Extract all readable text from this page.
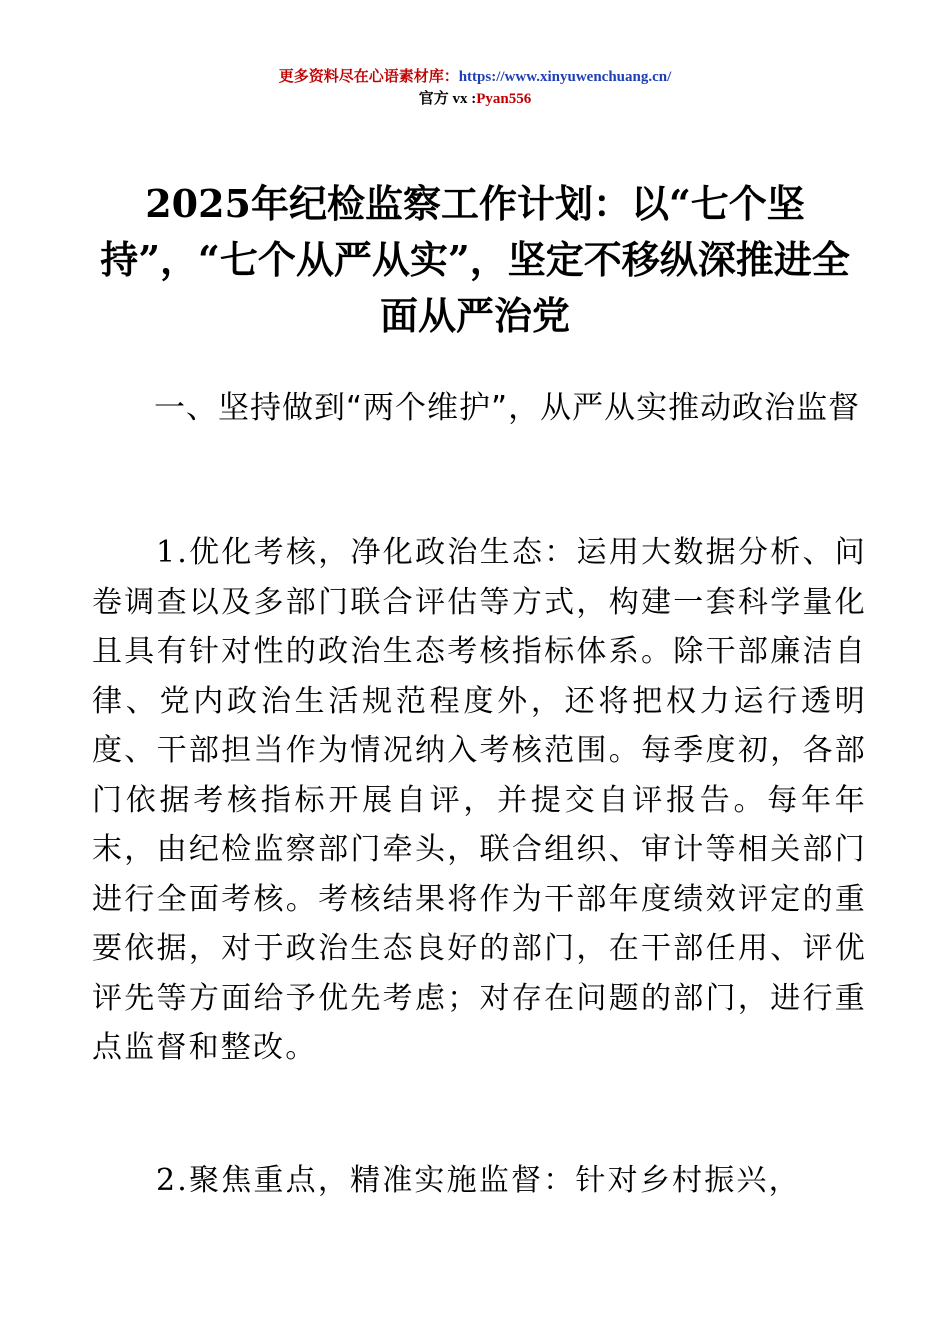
更多资料尽在心语素材库：https://www.xinyuwenchuang.cn/
官方 vx :Pyan556
2025年纪检监察工作计划：以“七个坚持”，“七个从严从实”，坚定不移纵深推进全面从严治党
一、坚持做到“两个维护”，从严从实推动政治监督
1.优化考核，净化政治生态：运用大数据分析、问卷调查以及多部门联合评估等方式，构建一套科学量化且具有针对性的政治生态考核指标体系。除干部廉洁自律、党内政治生活规范程度外，还将把权力运行透明度、干部担当作为情况纳入考核范围。每季度初，各部门依据考核指标开展自评，并提交自评报告。每年年末，由纪检监察部门牵头，联合组织、审计等相关部门进行全面考核。考核结果将作为干部年度绩效评定的重要依据，对于政治生态良好的部门，在干部任用、评优评先等方面给予优先考虑；对存在问题的部门，进行重点监督和整改。
2.聚焦重点，精准实施监督：针对乡村振兴，
